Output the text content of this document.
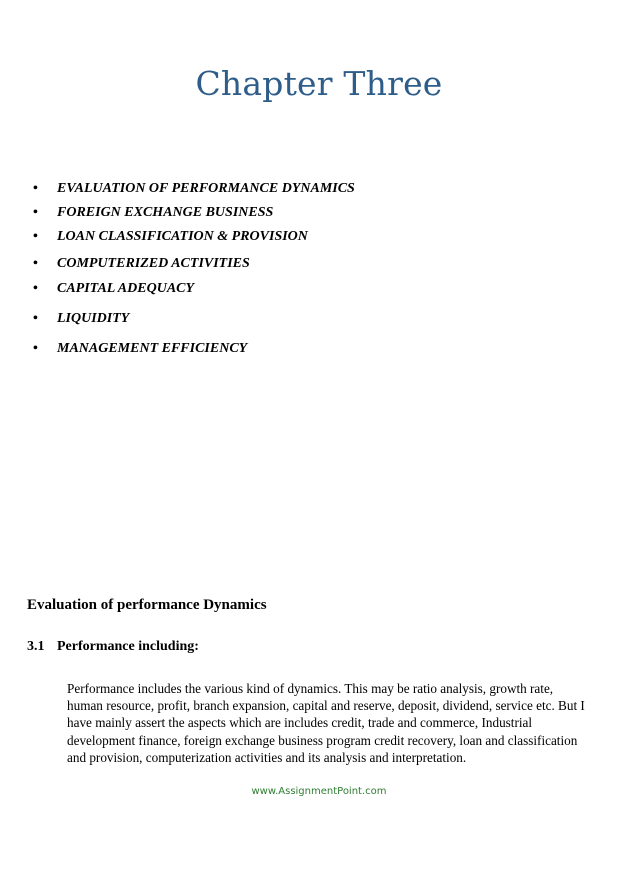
Chapter Three
• EVALUATION OF PERFORMANCE DYNAMICS
• FOREIGN EXCHANGE BUSINESS
• LOAN CLASSIFICATION & PROVISION
• COMPUTERIZED ACTIVITIES
• CAPITAL ADEQUACY
• LIQUIDITY
• MANAGEMENT EFFICIENCY
Evaluation of performance Dynamics
3.1 Performance including:

Performance includes the various kind of dynamics. This may be ratio analysis, growth rate,
human resource, profit, branch expansion, capital and reserve, deposit, dividend, service etc. But I
have mainly assert the aspects which are includes credit, trade and commerce, Industrial
development finance, foreign exchange business program credit recovery, loan and classification
and provision, computerization activities and its analysis and interpretation.

www.AssignmentPoint.com
